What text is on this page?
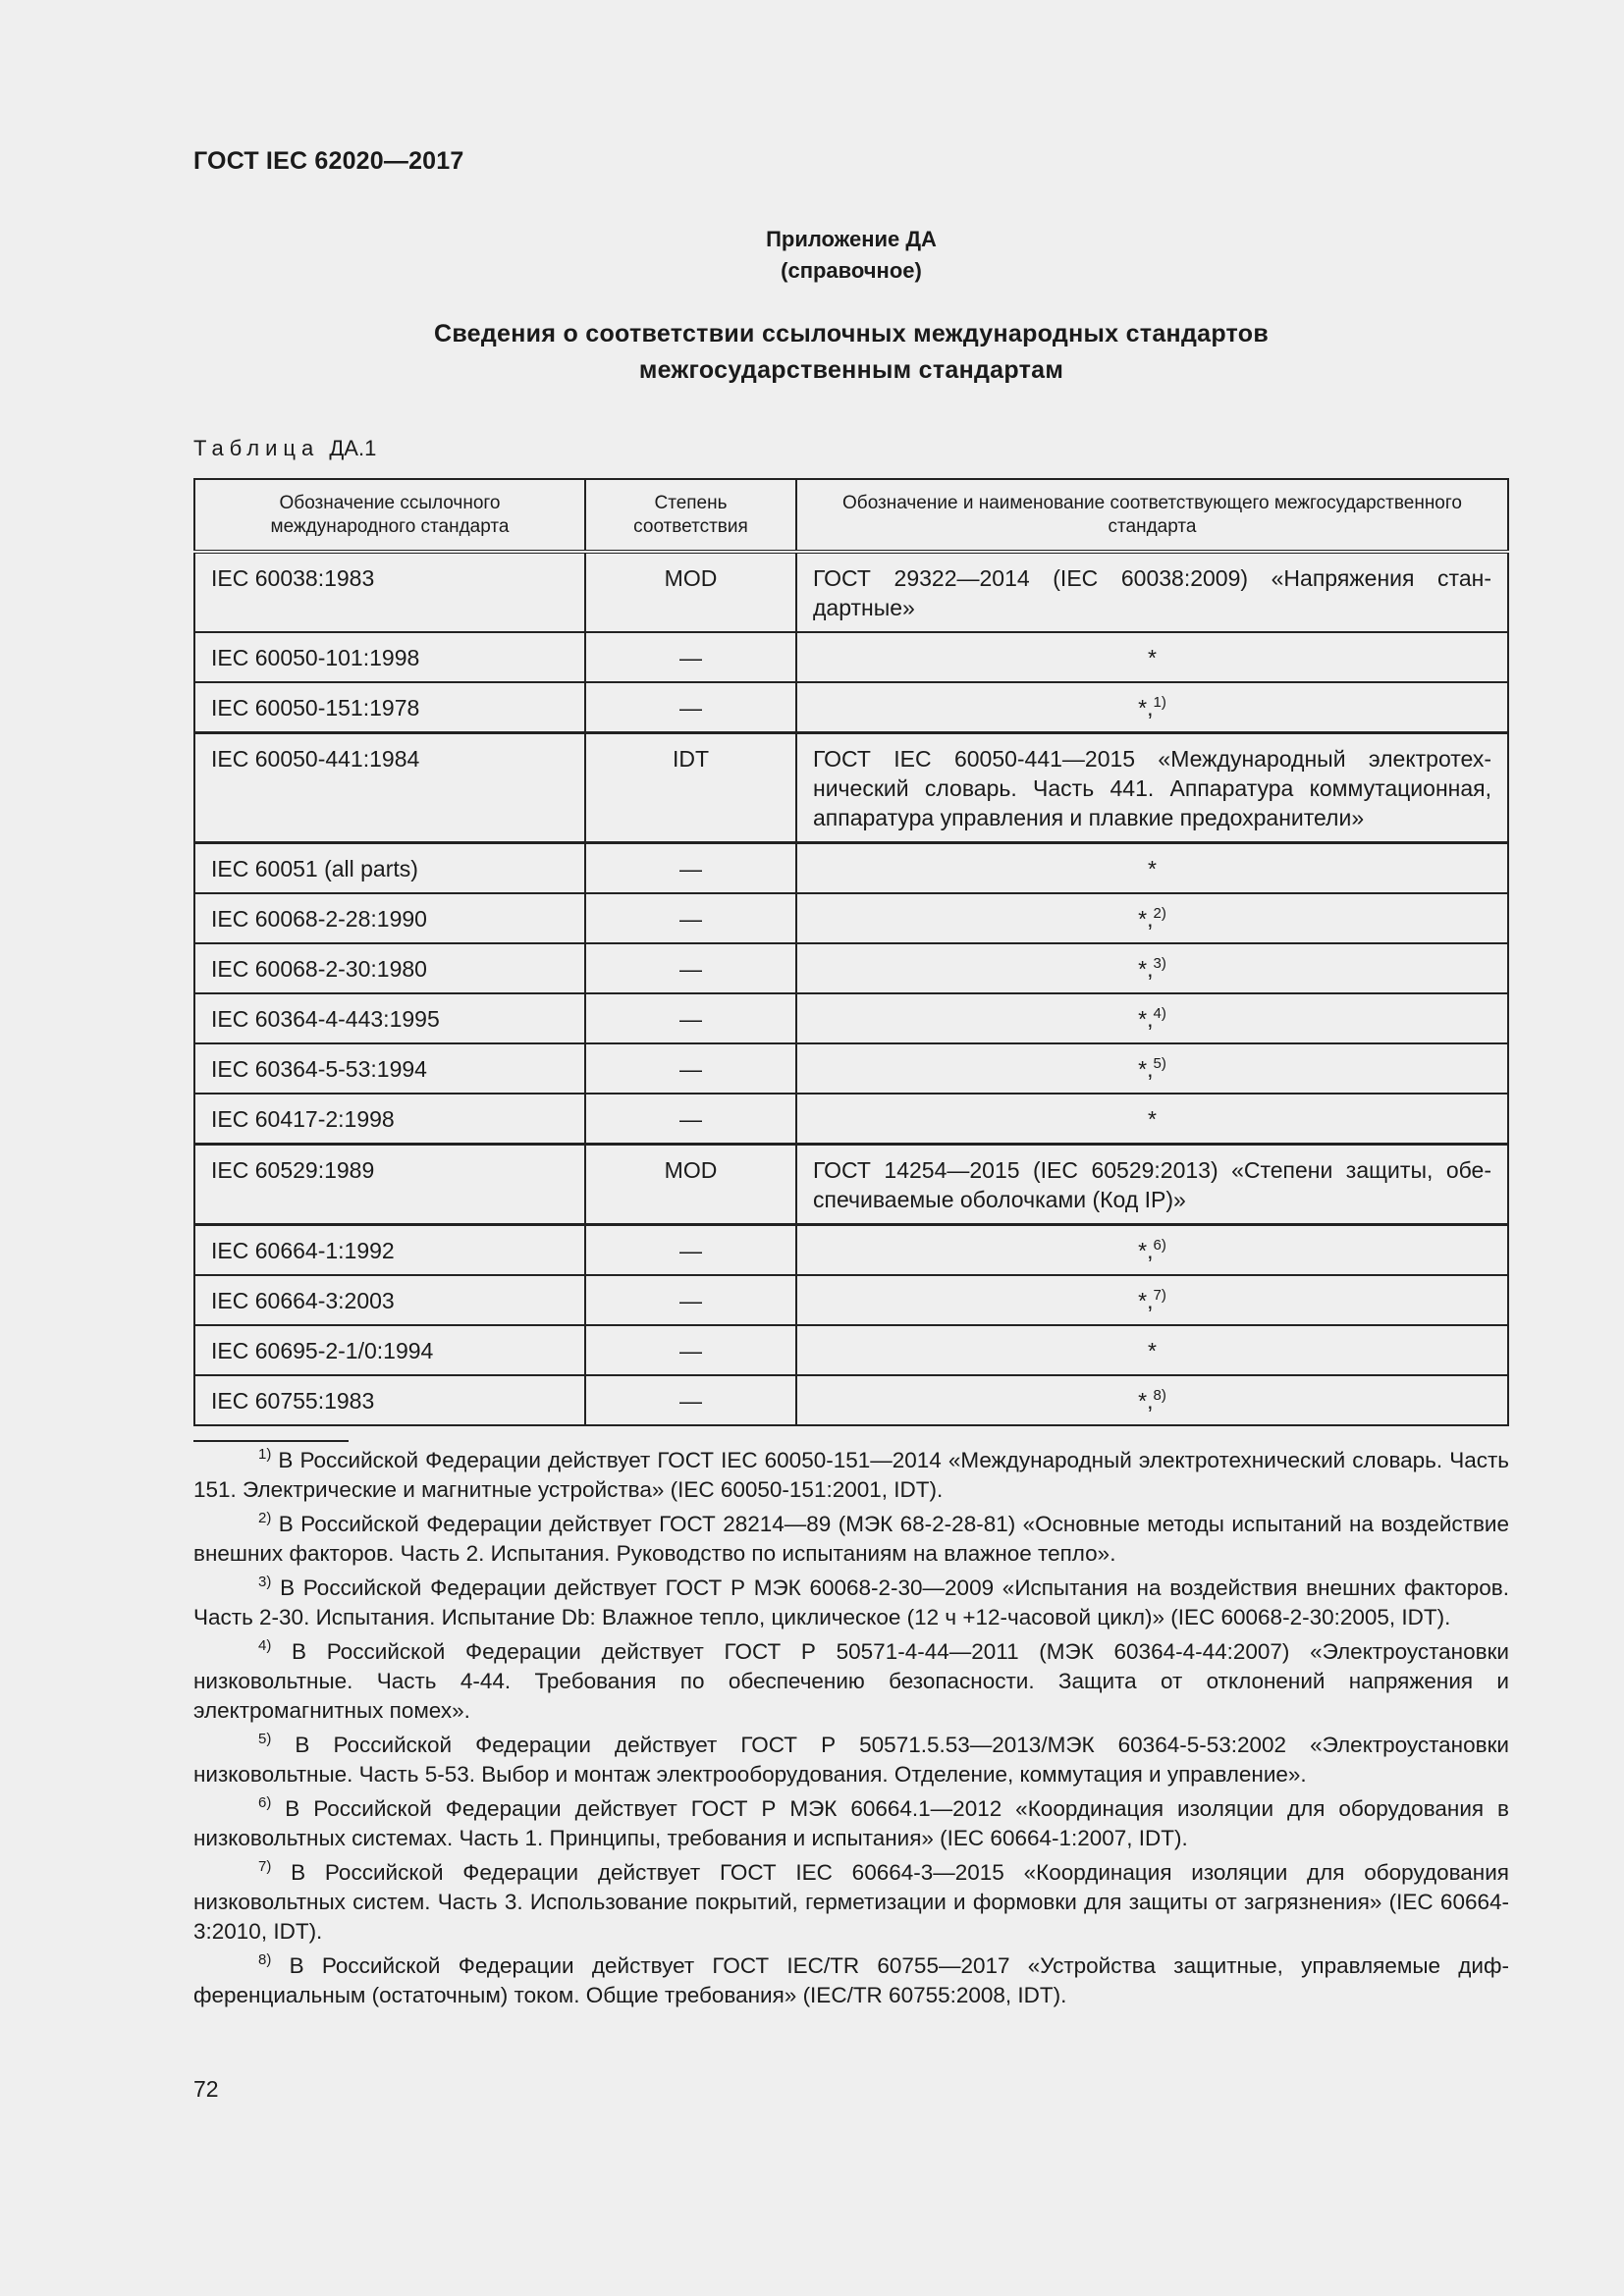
ГОСТ IEC 62020—2017
Приложение ДА
(справочное)
Сведения о соответствии ссылочных международных стандартов
межгосударственным стандартам
Таблица ДА.1
Обозначение ссылочного международного стандарта	Степень соответствия	Обозначение и наименование соответствующего межгосударственного стандарта
IEC 60038:1983	MOD	ГОСТ 29322—2014 (IEC 60038:2009) «Напряжения стандартные»
IEC 60050-101:1998	—	*
IEC 60050-151:1978	—	*,$^{1)}$
IEC 60050-441:1984	IDT	ГОСТ IEC 60050-441—2015 «Международный электротехнический словарь. Часть 441. Аппаратура коммутационная, аппаратура управления и плавкие предохранители»
IEC 60051 (all parts)	—	*
IEC 60068-2-28:1990	—	*,$^{2)}$
IEC 60068-2-30:1980	—	*,$^{3)}$
IEC 60364-4-443:1995	—	*,$^{4)}$
IEC 60364-5-53:1994	—	*,$^{5)}$
IEC 60417-2:1998	—	*
IEC 60529:1989	MOD	ГОСТ 14254—2015 (IEC 60529:2013) «Степени защиты, обеспечиваемые оболочками (Код IP)»
IEC 60664-1:1992	—	*,$^{6)}$
IEC 60664-3:2003	—	*,$^{7)}$
IEC 60695-2-1/0:1994	—	*
IEC 60755:1983	—	*,$^{8)}$
$^{1)}$ В Российской Федерации действует ГОСТ IEC 60050-151—2014 «Международный электротехнический словарь. Часть 151. Электрические и магнитные устройства» (IEC 60050-151:2001, IDT).
$^{2)}$ В Российской Федерации действует ГОСТ 28214—89 (МЭК 68-2-28-81) «Основные методы испытаний на воздействие внешних факторов. Часть 2. Испытания. Руководство по испытаниям на влажное тепло».
$^{3)}$ В Российской Федерации действует ГОСТ Р МЭК 60068-2-30—2009 «Испытания на воздействия внешних факторов. Часть 2-30. Испытания. Испытание Db: Влажное тепло, циклическое (12 ч +12-часовой цикл)» (IEC 60068-2-30:2005, IDT).
$^{4)}$ В Российской Федерации действует ГОСТ Р 50571-4-44—2011 (МЭК 60364-4-44:2007) «Электроустановки низковольтные. Часть 4-44. Требования по обеспечению безопасности. Защита от отклонений напряжения и электромагнитных помех».
$^{5)}$ В Российской Федерации действует ГОСТ Р 50571.5.53—2013/МЭК 60364-5-53:2002 «Электроустановки низковольтные. Часть 5-53. Выбор и монтаж электрооборудования. Отделение, коммутация и управление».
$^{6)}$ В Российской Федерации действует ГОСТ Р МЭК 60664.1—2012 «Координация изоляции для оборудования в низковольтных системах. Часть 1. Принципы, требования и испытания» (IEC 60664-1:2007, IDT).
$^{7)}$ В Российской Федерации действует ГОСТ IEC 60664-3—2015 «Координация изоляции для оборудования низковольтных систем. Часть 3. Использование покрытий, герметизации и формовки для защиты от загрязнения» (IEC 60664-3:2010, IDT).
$^{8)}$ В Российской Федерации действует ГОСТ IEC/TR 60755—2017 «Устройства защитные, управляемые дифференциальным (остаточным) током. Общие требования» (IEC/TR 60755:2008, IDT).
72
